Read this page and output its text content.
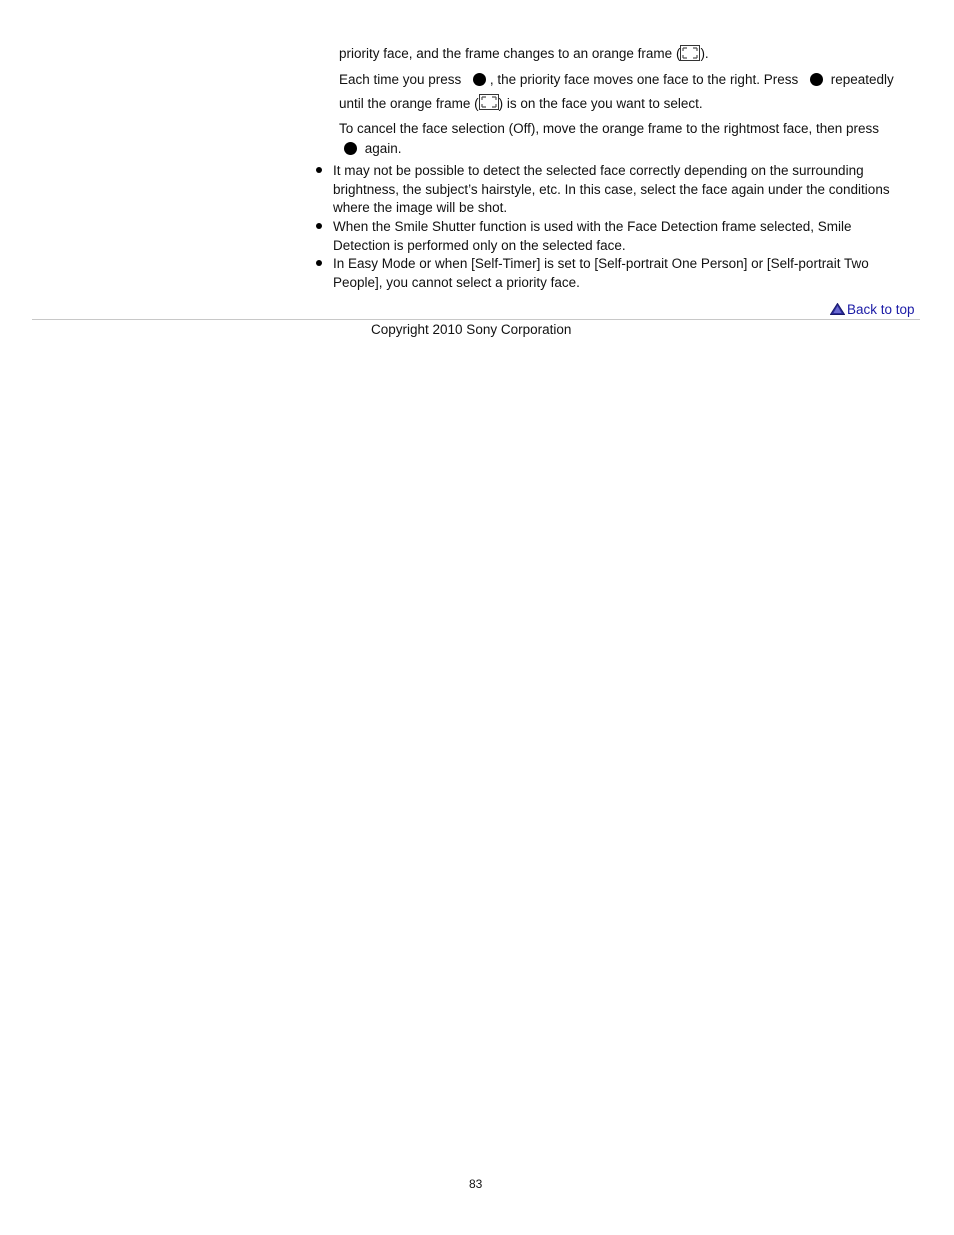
priority face, and the frame changes to an orange frame ( ).
Each time you press  , the priority face moves one face to the right. Press  repeatedly
until the orange frame ( ) is on the face you want to select.
To cancel the face selection (Off), move the orange frame to the rightmost face, then press
again.
It may not be possible to detect the selected face correctly depending on the surrounding
brightness, the subject’s hairstyle, etc. In this case, select the face again under the conditions
where the image will be shot.
When the Smile Shutter function is used with the Face Detection frame selected, Smile
Detection is performed only on the selected face.
In Easy Mode or when [Self-Timer] is set to [Self-portrait One Person] or [Self-portrait Two
People], you cannot select a priority face.
Back to top
Copyright 2010 Sony Corporation
83
